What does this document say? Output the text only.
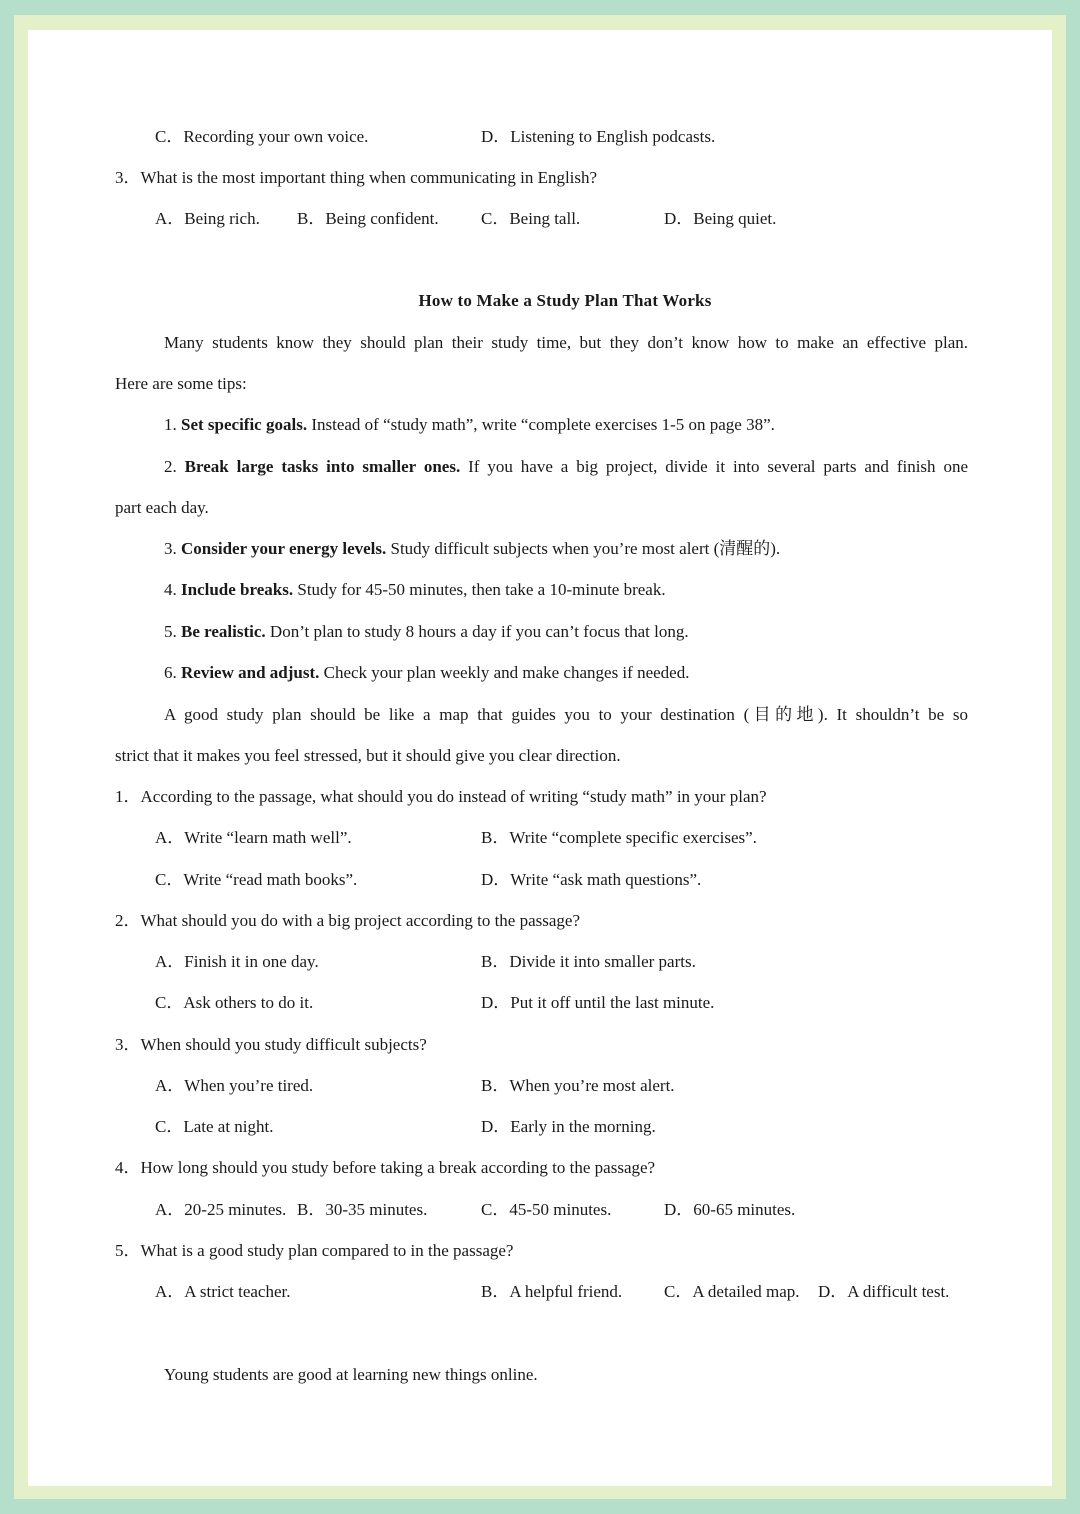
C．Recording your own voice.	D．Listening to English podcasts.
3．What is the most important thing when communicating in English?
A．Being rich. B．Being confident. C．Being tall.	D．Being quiet.
How to Make a Study Plan That Works
Many students know they should plan their study time, but they don’t know how to make an effective plan.
Here are some tips:
1. Set specific goals. Instead of “study math”, write “complete exercises 1-5 on page 38”.
2. Break large tasks into smaller ones. If you have a big project, divide it into several parts and finish one
part each day.
3. Consider your energy levels. Study difficult subjects when you’re most alert (清醒的).
4. Include breaks. Study for 45-50 minutes, then take a 10-minute break.
5. Be realistic. Don’t plan to study 8 hours a day if you can’t focus that long.
6. Review and adjust. Check your plan weekly and make changes if needed.
A good study plan should be like a map that guides you to your destination (目的地). It shouldn’t be so
strict that it makes you feel stressed, but it should give you clear direction.
1．According to the passage, what should you do instead of writing “study math” in your plan?
A．Write “learn math well”.	B．Write “complete specific exercises”.
C．Write “read math books”.	D．Write “ask math questions”.
2．What should you do with a big project according to the passage?
A．Finish it in one day.	B．Divide it into smaller parts.
C．Ask others to do it.	D．Put it off until the last minute.
3．When should you study difficult subjects?
A．When you’re tired.	B．When you’re most alert.
C．Late at night.	D．Early in the morning.
4．How long should you study before taking a break according to the passage?
A．20-25 minutes. B．30-35 minutes.	C．45-50 minutes.	D．60-65 minutes.
5．What is a good study plan compared to in the passage?
A．A strict teacher.	B．A helpful friend. C．A detailed map. D．A difficult test.
Young students are good at learning new things online.
